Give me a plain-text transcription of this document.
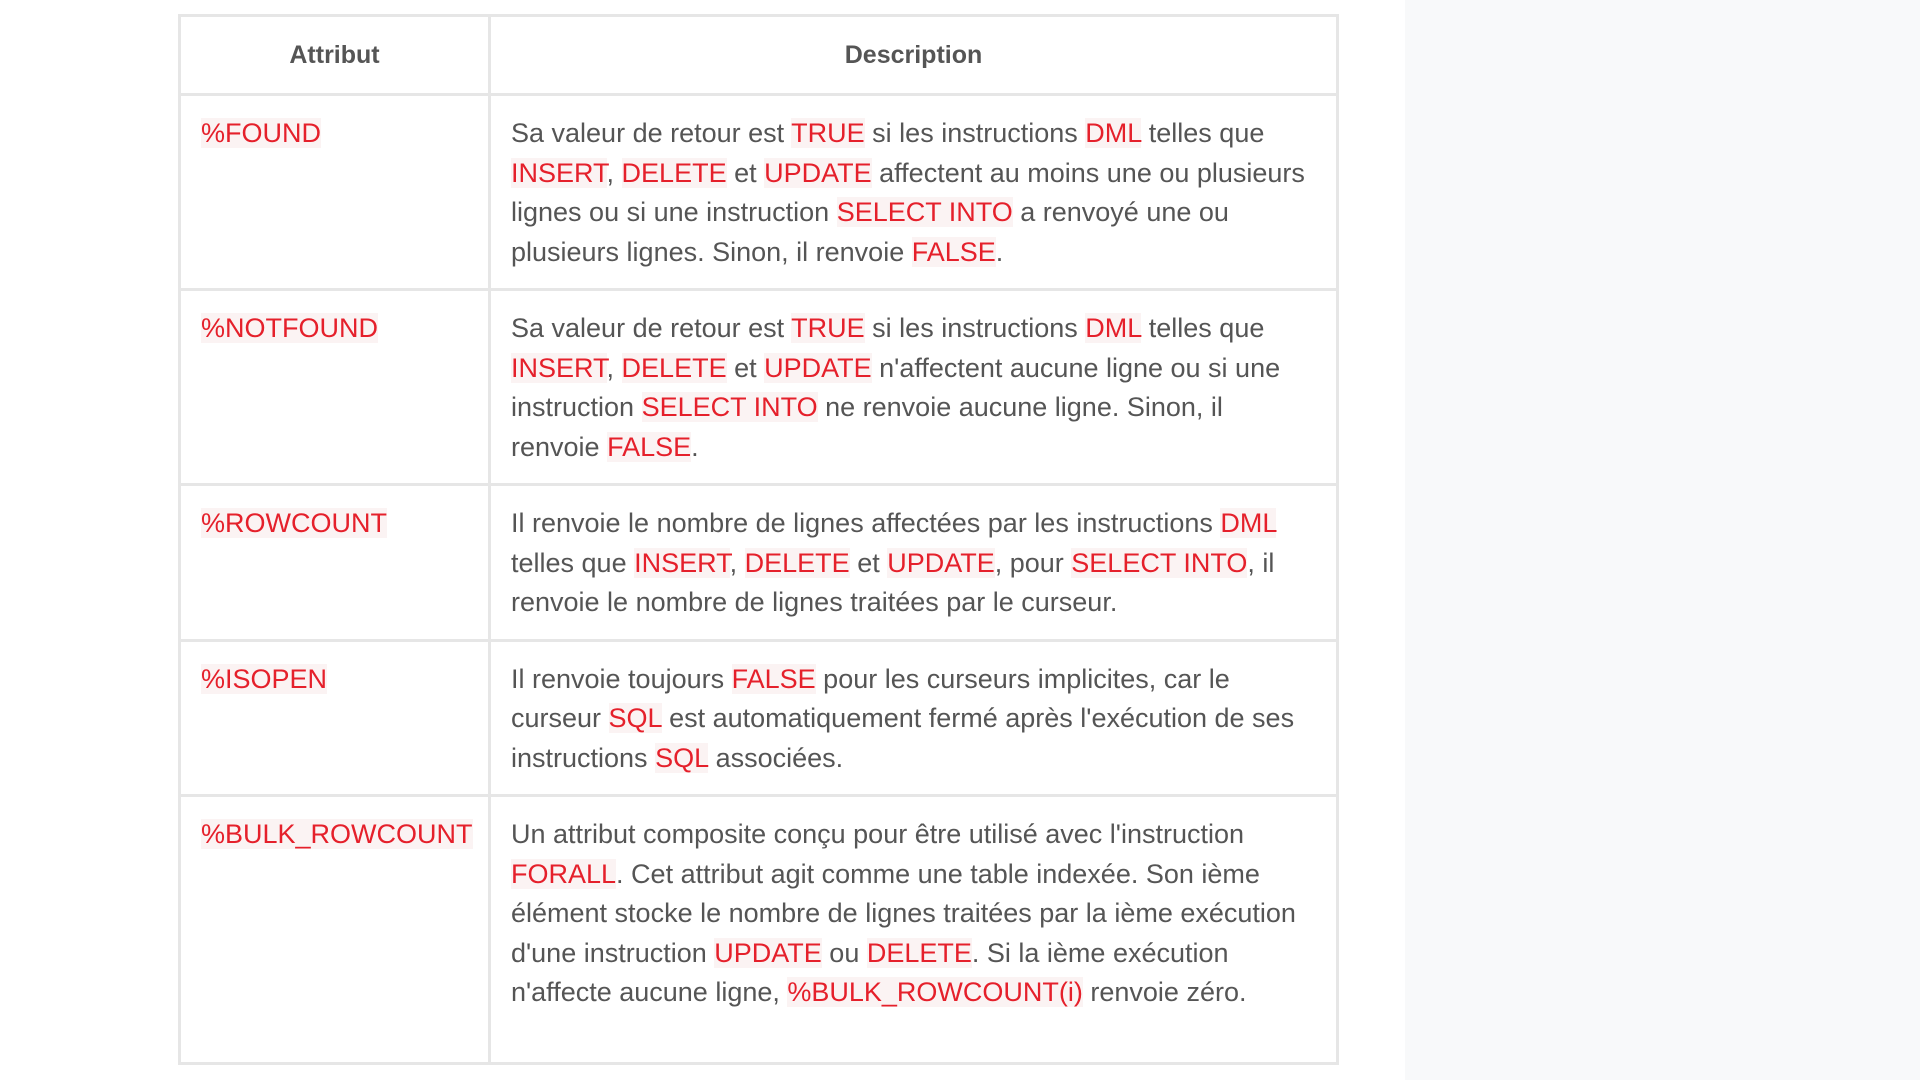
Attribut	Description
%FOUND	Sa valeur de retour est TRUE si les instructions DML telles que INSERT, DELETE et UPDATE affectent au moins une ou plusieurs lignes ou si une instruction SELECT INTO a renvoyé une ou plusieurs lignes. Sinon, il renvoie FALSE.

%NOTFOUND	Sa valeur de retour est TRUE si les instructions DML telles que INSERT, DELETE et UPDATE n'affectent aucune ligne ou si une instruction SELECT INTO ne renvoie aucune ligne. Sinon, il renvoie FALSE.

%ROWCOUNT	Il renvoie le nombre de lignes affectées par les instructions DML telles que INSERT, DELETE et UPDATE, pour SELECT INTO, il renvoie le nombre de lignes traitées par le curseur.

%ISOPEN	Il renvoie toujours FALSE pour les curseurs implicites, car le curseur SQL est automatiquement fermé après l'exécution de ses instructions SQL associées.

%BULK_ROWCOUNT	Un attribut composite conçu pour être utilisé avec l'instruction FORALL. Cet attribut agit comme une table indexée. Son ième élément stocke le nombre de lignes traitées par la ième exécution d'une instruction UPDATE ou DELETE. Si la ième exécution n'affecte aucune ligne, %BULK_ROWCOUNT(i) renvoie zéro.
